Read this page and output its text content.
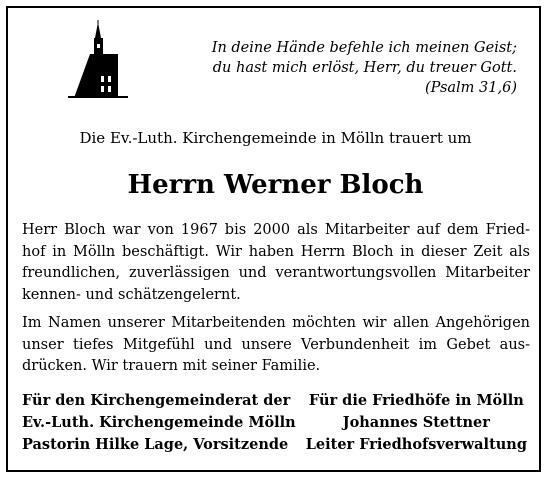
In deine Hände befehle ich meinen Geist;
du hast mich erlöst, Herr, du treuer Gott.
(Psalm 31,6)
Die Ev.-Luth. Kirchengemeinde in Mölln trauert um
Herrn Werner Bloch
Herr Bloch war von 1967 bis 2000 als Mitarbeiter auf dem Fried-
hof in Mölln beschäftigt. Wir haben Herrn Bloch in dieser Zeit als
freundlichen, zuverlässigen und verantwortungsvollen Mitarbeiter
kennen- und schätzengelernt.
Im Namen unserer Mitarbeitenden möchten wir allen Angehörigen
unser tiefes Mitgefühl und unsere Verbundenheit im Gebet aus-
drücken. Wir trauern mit seiner Familie.
Für den Kirchengemeinderat der
Ev.-Luth. Kirchengemeinde Mölln
Pastorin Hilke Lage, Vorsitzende
Für die Friedhöfe in Mölln
Johannes Stettner
Leiter Friedhofsverwaltung
